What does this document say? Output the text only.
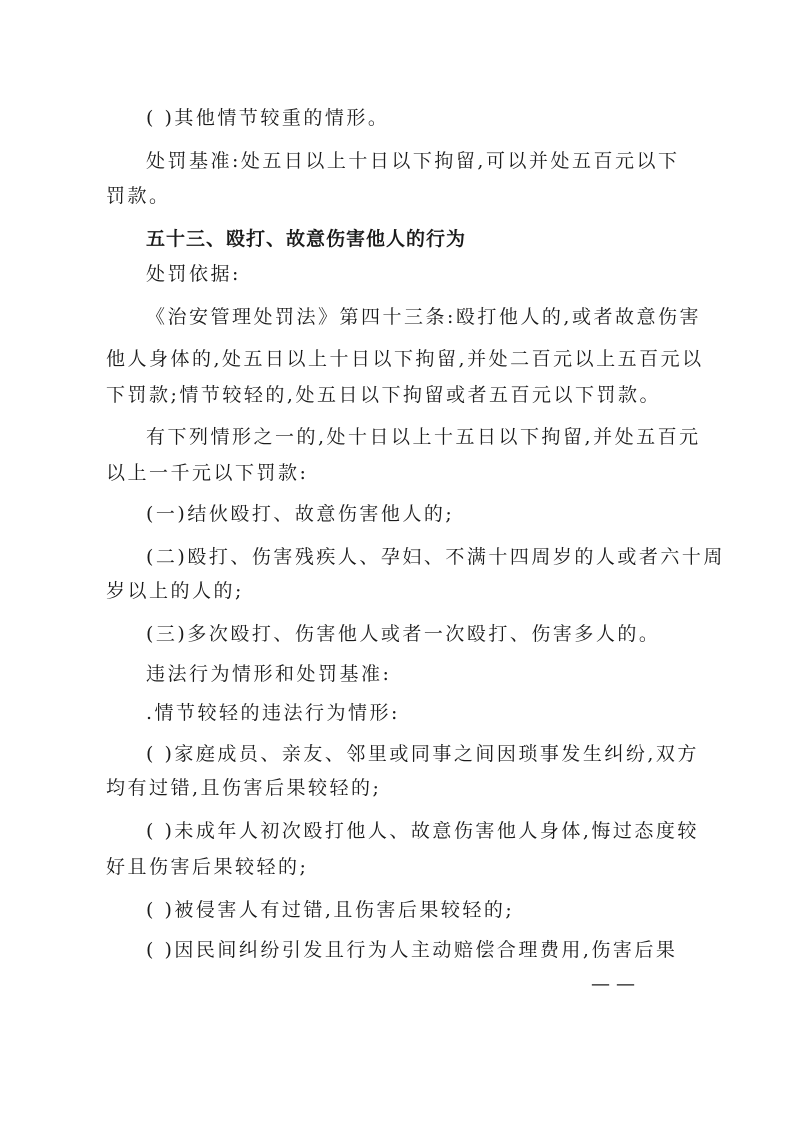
( )其他情节较重的情形。
处罚基准:处五日以上十日以下拘留,可以并处五百元以下
罚款。
五十三、殴打、故意伤害他人的行为
处罚依据:
《治安管理处罚法》第四十三条:殴打他人的,或者故意伤害
他人身体的,处五日以上十日以下拘留,并处二百元以上五百元以
下罚款;情节较轻的,处五日以下拘留或者五百元以下罚款。
有下列情形之一的,处十日以上十五日以下拘留,并处五百元
以上一千元以下罚款:
(一)结伙殴打、故意伤害他人的;
(二)殴打、伤害残疾人、孕妇、不满十四周岁的人或者六十周
岁以上的人的;
(三)多次殴打、伤害他人或者一次殴打、伤害多人的。
违法行为情形和处罚基准:
.情节较轻的违法行为情形:
( )家庭成员、亲友、邻里或同事之间因琐事发生纠纷,双方
均有过错,且伤害后果较轻的;
( )未成年人初次殴打他人、故意伤害他人身体,悔过态度较
好且伤害后果较轻的;
( )被侵害人有过错,且伤害后果较轻的;
( )因民间纠纷引发且行为人主动赔偿合理费用,伤害后果
— —
